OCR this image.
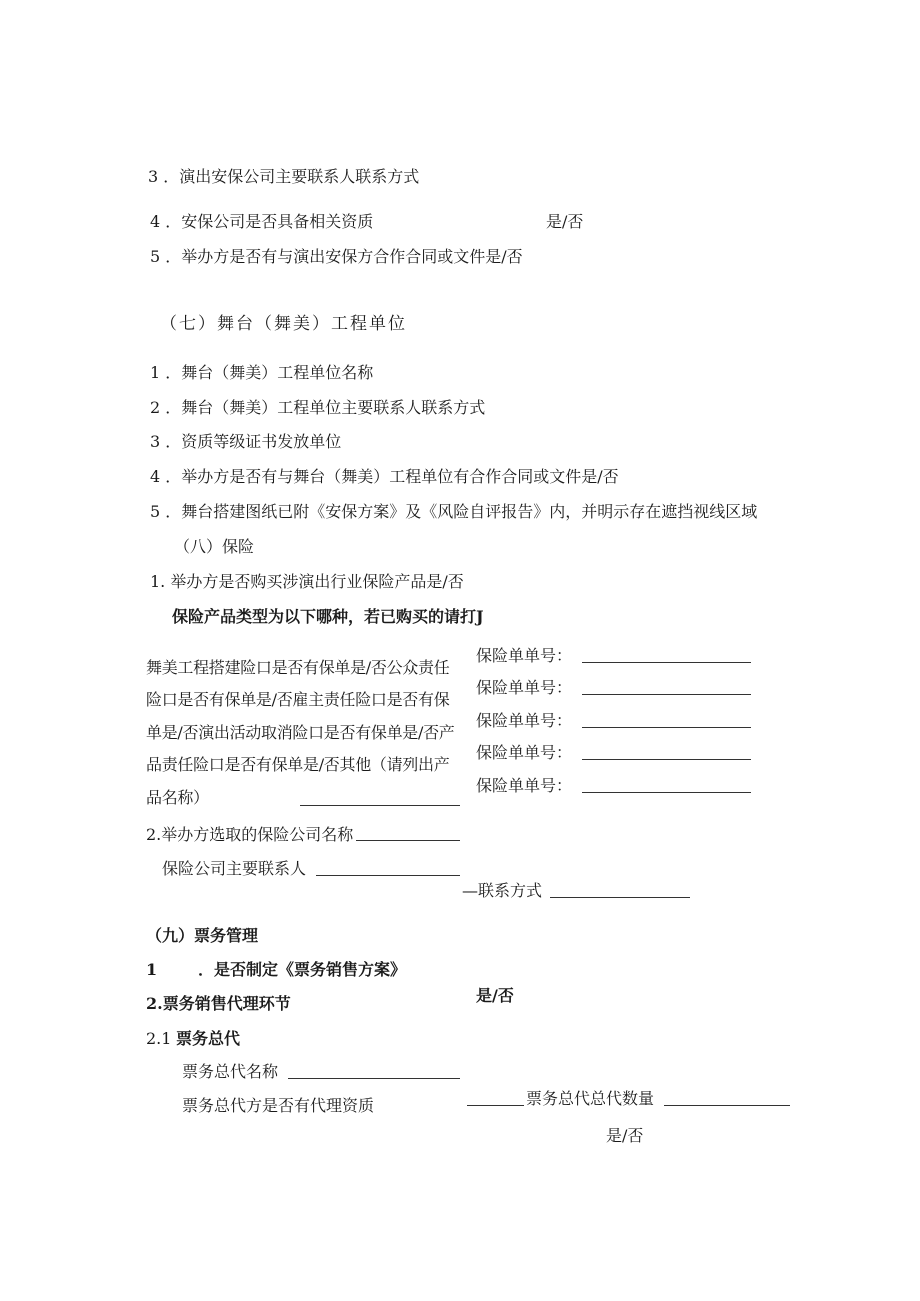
3 ．演出安保公司主要联系人联系方式
4 ．安保公司是否具备相关资质	是/否
5 ．举办方是否有与演出安保方合作合同或文件是/否
（七）舞台（舞美）工程单位
1 ．舞台（舞美）工程单位名称
2 ．舞台（舞美）工程单位主要联系人联系方式
3 ．资质等级证书发放单位
4 ．举办方是否有与舞台（舞美）工程单位有合作合同或文件是/否
5 ．舞台搭建图纸已附《安保方案》及《风险自评报告》内，并明示存在遮挡视线区域
（八）保险
1. 举办方是否购买涉演出行业保险产品是/否
保险产品类型为以下哪种，若已购买的请打J
舞美工程搭建险口是否有保单是/否公众责任险口是否有保单是/否雇主责任险口是否有保单是/否演出活动取消险口是否有保单是/否产品责任险口是否有保单是/否其他（请列出产品名称）
保险单单号：
保险单单号：
保险单单号：
保险单单号：
保险单单号：
2.举办方选取的保险公司名称
保险公司主要联系人
—联系方式
（九）票务管理
1	．是否制定《票务销售方案》
是/否
2.票务销售代理环节
2.1 票务总代
票务总代名称
票务总代方是否有代理资质	票务总代总代数量
是/否
